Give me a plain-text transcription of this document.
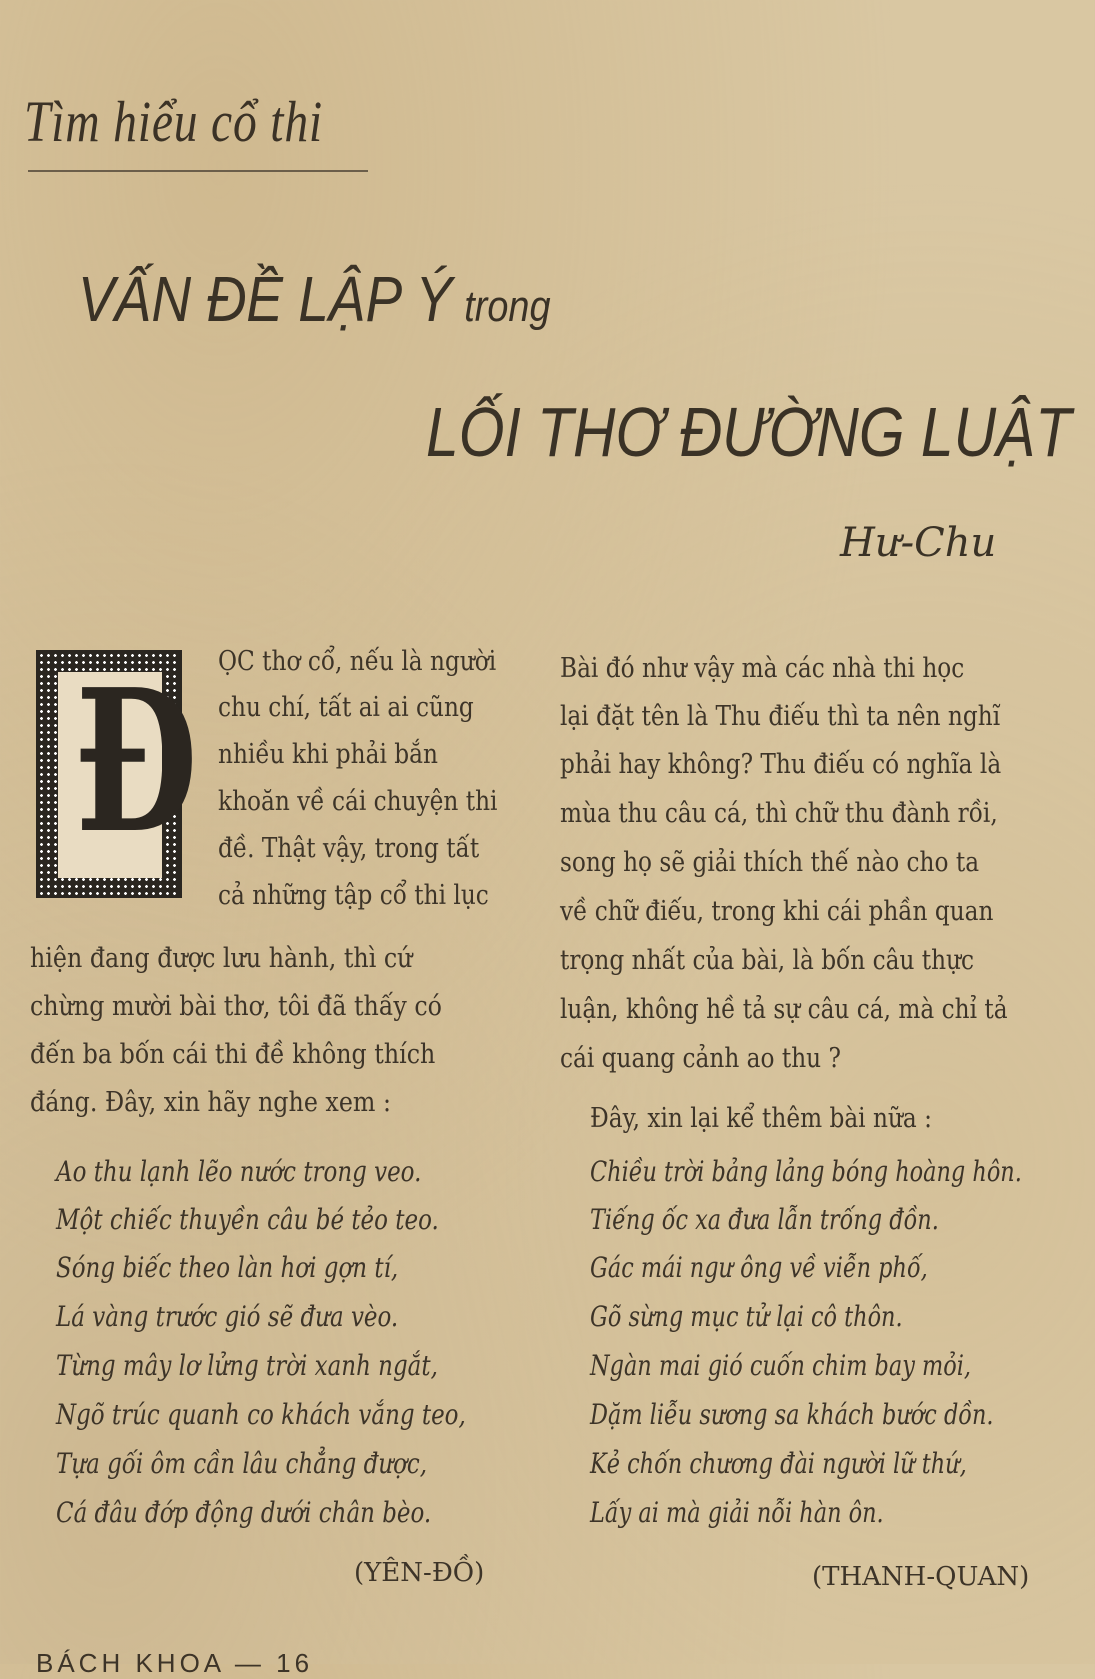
Tìm hiểu cổ thi
VẤN ĐỀ LẬP Ý trong
LỐI THƠ ĐƯỜNG LUẬT
Hư-Chu
Đ ỌC thơ cổ, nếu là người
chu chí, tất ai ai cũng
nhiều khi phải bắn
khoăn về cái chuyện thi
đề. Thật vậy, trong tất
cả những tập cổ thi lục
hiện đang được lưu hành, thì cứ
chừng mười bài thơ, tôi đã thấy có
đến ba bốn cái thi đề không thích
đáng. Đây, xin hãy nghe xem :
Ao thu lạnh lẽo nước trong veo.
Một chiếc thuyền câu bé tẻo teo.
Sóng biếc theo làn hơi gợn tí,
Lá vàng trước gió sẽ đưa vèo.
Từng mây lơ lửng trời xanh ngắt,
Ngõ trúc quanh co khách vắng teo,
Tựa gối ôm cần lâu chẳng được,
Cá đâu đớp động dưới chân bèo.
(YÊN-ĐỒ)
Bài đó như vậy mà các nhà thi học
lại đặt tên là Thu điếu thì ta nên nghĩ
phải hay không? Thu điếu có nghĩa là
mùa thu câu cá, thì chữ thu đành rồi,
song họ sẽ giải thích thế nào cho ta
về chữ điếu, trong khi cái phần quan
trọng nhất của bài, là bốn câu thực
luận, không hề tả sự câu cá, mà chỉ tả
cái quang cảnh ao thu ?
Đây, xin lại kể thêm bài nữa :
Chiều trời bảng lảng bóng hoàng hôn.
Tiếng ốc xa đưa lẫn trống đồn.
Gác mái ngư ông về viễn phố,
Gõ sừng mục tử lại cô thôn.
Ngàn mai gió cuốn chim bay mỏi,
Dặm liễu sương sa khách bước dồn.
Kẻ chốn chương đài người lữ thứ,
Lấy ai mà giải nỗi hàn ôn.
(THANH-QUAN)
BÁCH KHOA — 16
